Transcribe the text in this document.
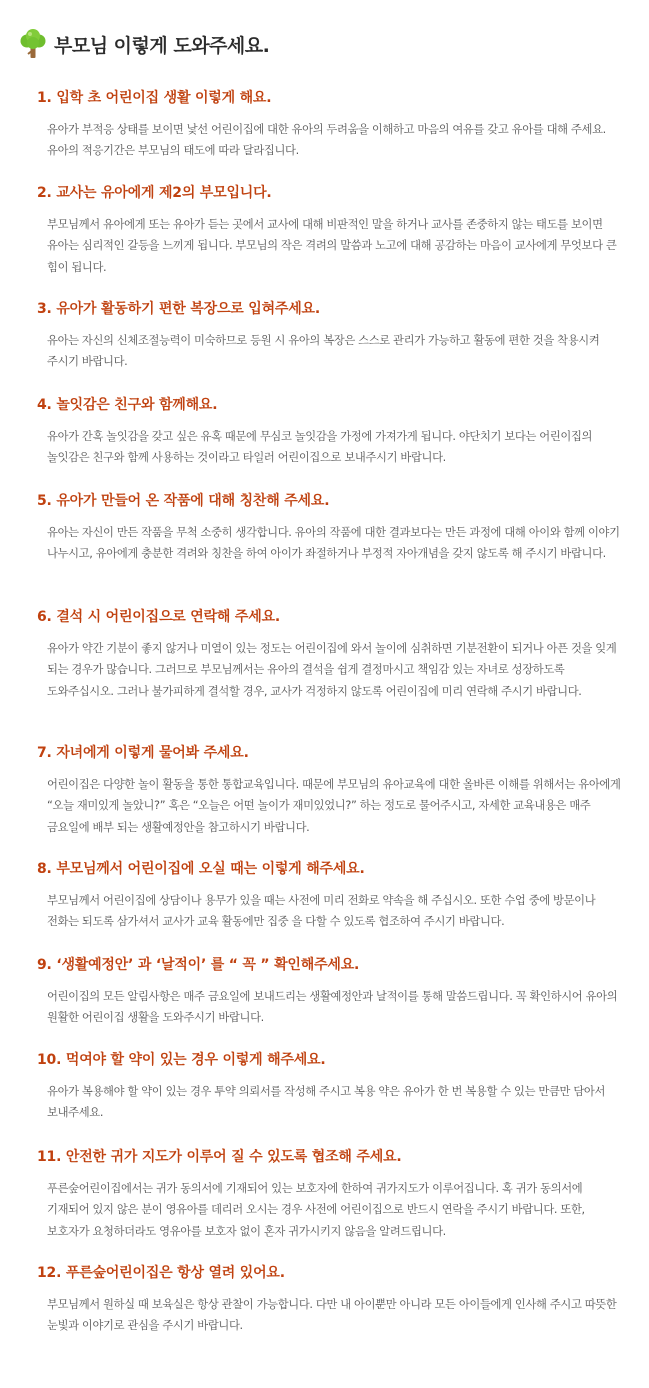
부모님 이렇게 도와주세요.
1. 입학 초 어린이집 생활 이렇게 해요.

유아가 부적응 상태를 보이면 낯선 어린이집에 대한 유아의 두려움을 이해하고 마음의 여유를 갖고 유아를 대해 주세요. 유아의 적응기간은 부모님의 태도에 따라 달라집니다.

2. 교사는 유아에게 제2의 부모입니다.

부모님께서 유아에게 또는 유아가 듣는 곳에서 교사에 대해 비판적인 말을 하거나 교사를 존중하지 않는 태도를 보이면 유아는 심리적인 갈등을 느끼게 됩니다. 부모님의 작은 격려의 말씀과 노고에 대해 공감하는 마음이 교사에게 무엇보다 큰 힘이 됩니다.

3. 유아가 활동하기 편한 복장으로 입혀주세요.

유아는 자신의 신체조절능력이 미숙하므로 등원 시 유아의 복장은 스스로 관리가 가능하고 활동에 편한 것을 착용시켜 주시기 바랍니다.

4. 놀잇감은 친구와 함께해요.

유아가 간혹 놀잇감을 갖고 싶은 유혹 때문에 무심코 놀잇감을 가정에 가져가게 됩니다. 야단치기 보다는 어린이집의 놀잇감은 친구와 함께 사용하는 것이라고 타일러 어린이집으로 보내주시기 바랍니다.

5. 유아가 만들어 온 작품에 대해 칭찬해 주세요.

유아는 자신이 만든 작품을 무척 소중히 생각합니다. 유아의 작품에 대한 결과보다는 만든 과정에 대해 아이와 함께 이야기 나누시고, 유아에게 충분한 격려와 칭찬을 하여 아이가 좌절하거나 부정적 자아개념을 갖지 않도록 해 주시기 바랍니다.

6. 결석 시 어린이집으로 연락해 주세요.

유아가 약간 기분이 좋지 않거나 미열이 있는 정도는 어린이집에 와서 놀이에 심취하면 기분전환이 되거나 아픈 것을 잊게 되는 경우가 많습니다. 그러므로 부모님께서는 유아의 결석을 쉽게 결정마시고 책임감 있는 자녀로 성장하도록 도와주십시오. 그러나 불가피하게 결석할 경우, 교사가 걱정하지 않도록 어린이집에 미리 연락해 주시기 바랍니다.

7. 자녀에게 이렇게 물어봐 주세요.

어린이집은 다양한 놀이 활동을 통한 통합교육입니다. 때문에 부모님의 유아교육에 대한 올바른 이해를 위해서는 유아에게 “오늘 재미있게 놀았니?” 혹은 “오늘은 어떤 놀이가 재미있었니?” 하는 정도로 물어주시고, 자세한 교육내용은 매주 금요일에 배부 되는 생활예정안을 참고하시기 바랍니다.

8. 부모님께서 어린이집에 오실 때는 이렇게 해주세요.

부모님께서 어린이집에 상담이나 용무가 있을 때는 사전에 미리 전화로 약속을 해 주십시오. 또한 수업 중에 방문이나 전화는 되도록 삼가셔서 교사가 교육 활동에만 집중 을 다할 수 있도록 협조하여 주시기 바랍니다.

9. ‘생활예정안’ 과 ‘날적이’ 를 “ 꼭 ” 확인해주세요.

어린이집의 모든 알림사항은 매주 금요일에 보내드리는 생활예정안과 날적이를 통해 말씀드립니다. 꼭 확인하시어 유아의 원활한 어린이집 생활을 도와주시기 바랍니다.

10. 먹여야 할 약이 있는 경우 이렇게 해주세요.

유아가 복용해야 할 약이 있는 경우 투약 의뢰서를 작성해 주시고 복용 약은 유아가 한 번 복용할 수 있는 만큼만 담아서 보내주세요.

11. 안전한 귀가 지도가 이루어 질 수 있도록 협조해 주세요.

푸른숲어린이집에서는 귀가 동의서에 기재되어 있는 보호자에 한하여 귀가지도가 이루어집니다. 혹 귀가 동의서에 기재되어 있지 않은 분이 영유아를 데리러 오시는 경우 사전에 어린이집으로 반드시 연락을 주시기 바랍니다. 또한, 보호자가 요청하더라도 영유아를 보호자 없이 혼자 귀가시키지 않음을 알려드립니다.

12. 푸른숲어린이집은 항상 열려 있어요.

부모님께서 원하실 때 보육실은 항상 관찰이 가능합니다. 다만 내 아이뿐만 아니라 모든 아이들에게 인사해 주시고 따뜻한 눈빛과 이야기로 관심을 주시기 바랍니다.
